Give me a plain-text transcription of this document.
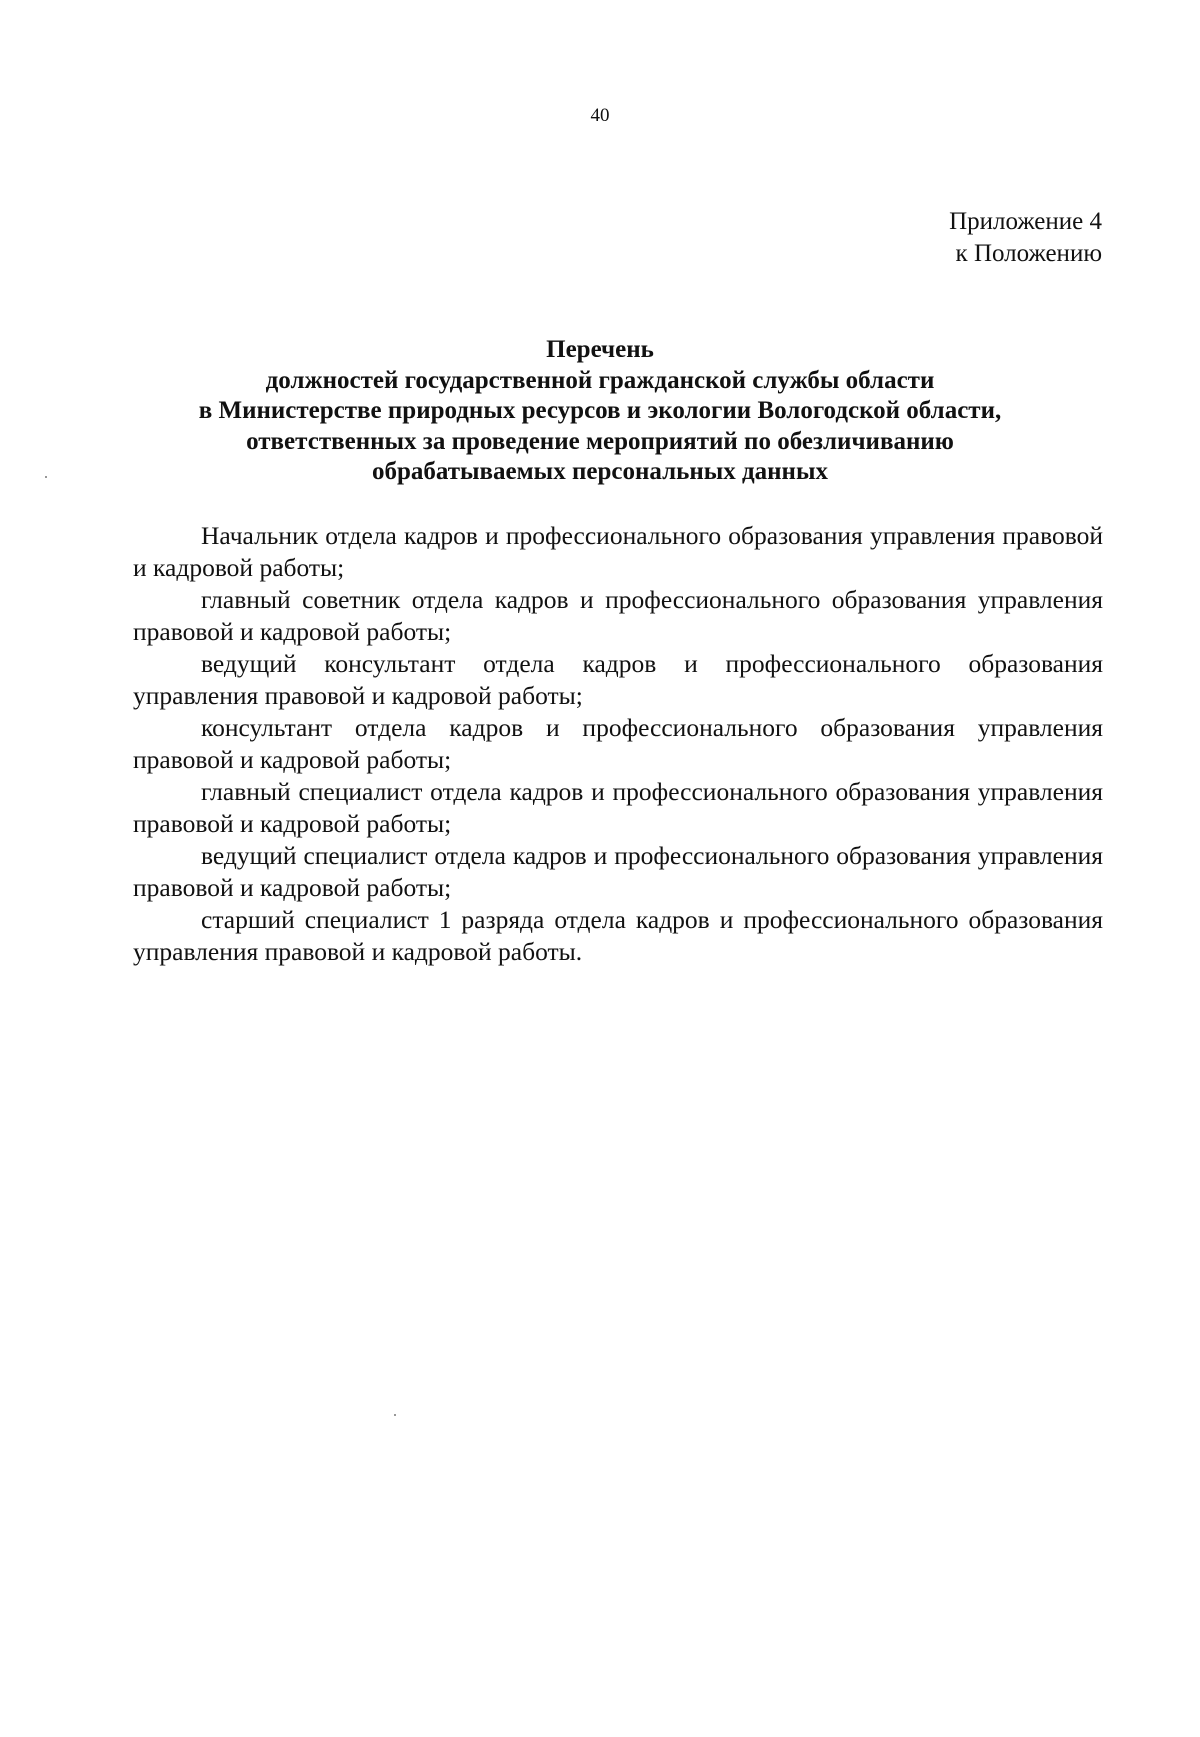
40
Приложение 4
к Положению
Перечень
должностей государственной гражданской службы области
в Министерстве природных ресурсов и экологии Вологодской области,
ответственных за проведение мероприятий по обезличиванию
обрабатываемых персональных данных

Начальник отдела кадров и профессионального образования управления правовой и кадровой работы;

главный советник отдела кадров и профессионального образования управления правовой и кадровой работы;

ведущий консультант отдела кадров и профессионального образования управления правовой и кадровой работы;

консультант отдела кадров и профессионального образования управления правовой и кадровой работы;

главный специалист отдела кадров и профессионального образования управления правовой и кадровой работы;

ведущий специалист отдела кадров и профессионального образования управления правовой и кадровой работы;

старший специалист 1 разряда отдела кадров и профессионального образования управления правовой и кадровой работы.
